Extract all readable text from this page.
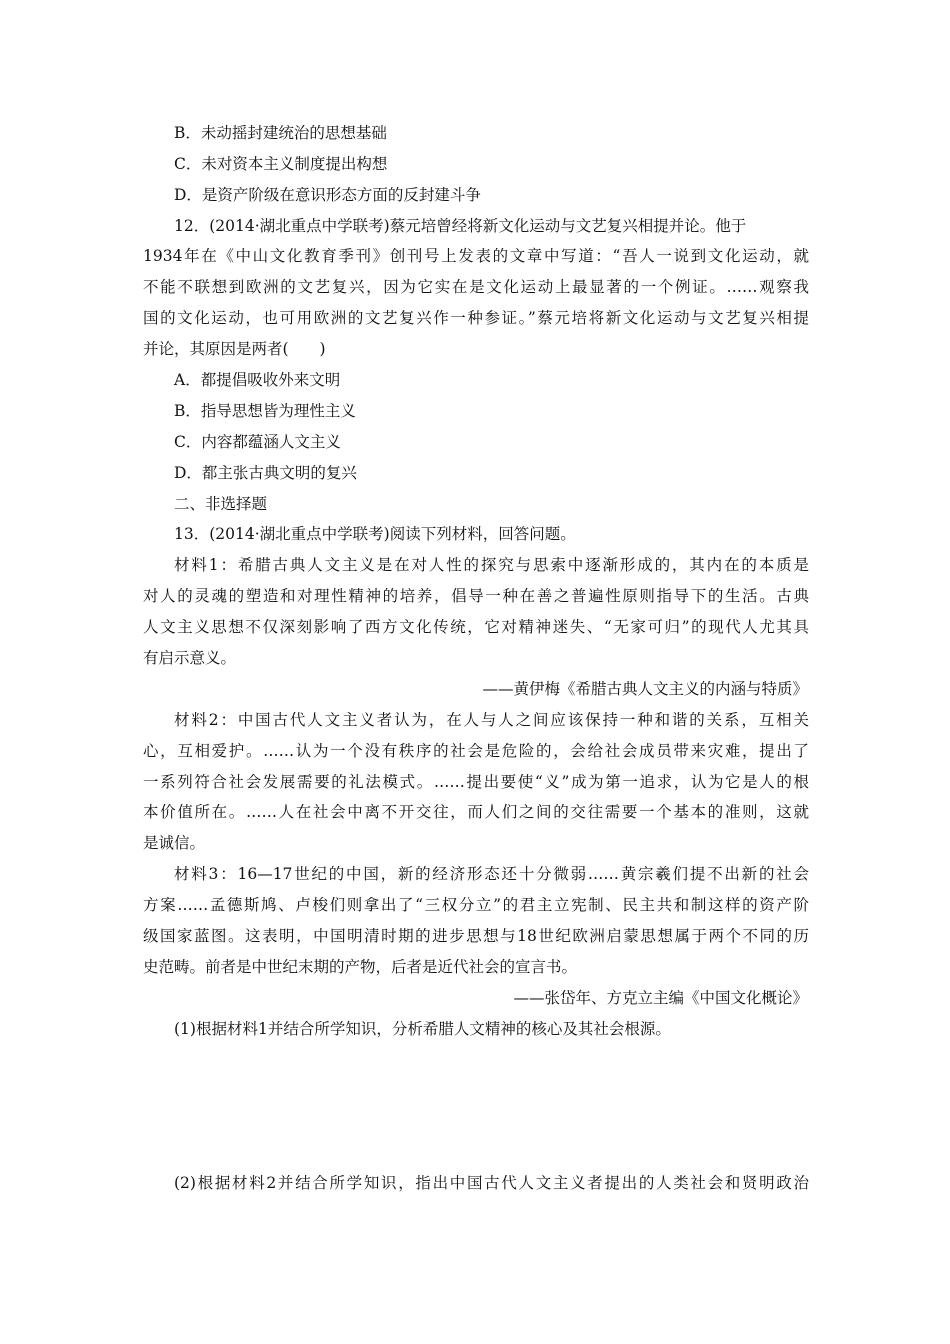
B．未动摇封建统治的思想基础
C．未对资本主义制度提出构想
D．是资产阶级在意识形态方面的反封建斗争
12．(2014·湖北重点中学联考)蔡元培曾经将新文化运动与文艺复兴相提并论。他于
1934年在《中山文化教育季刊》创刊号上发表的文章中写道：“吾人一说到文化运动，就
不能不联想到欧洲的文艺复兴，因为它实在是文化运动上最显著的一个例证。……观察我
国的文化运动，也可用欧洲的文艺复兴作一种参证。”蔡元培将新文化运动与文艺复兴相提
并论，其原因是两者(　　)
A．都提倡吸收外来文明
B．指导思想皆为理性主义
C．内容都蕴涵人文主义
D．都主张古典文明的复兴
二、非选择题
13．(2014·湖北重点中学联考)阅读下列材料，回答问题。
材料1：希腊古典人文主义是在对人性的探究与思索中逐渐形成的，其内在的本质是
对人的灵魂的塑造和对理性精神的培养，倡导一种在善之普遍性原则指导下的生活。古典
人文主义思想不仅深刻影响了西方文化传统，它对精神迷失、“无家可归”的现代人尤其具
有启示意义。
——黄伊梅《希腊古典人文主义的内涵与特质》
材料2：中国古代人文主义者认为，在人与人之间应该保持一种和谐的关系，互相关
心，互相爱护。……认为一个没有秩序的社会是危险的，会给社会成员带来灾难，提出了
一系列符合社会发展需要的礼法模式。……提出要使“义”成为第一追求，认为它是人的根
本价值所在。……人在社会中离不开交往，而人们之间的交往需要一个基本的准则，这就
是诚信。
材料3：16—17世纪的中国，新的经济形态还十分微弱……黄宗羲们提不出新的社会
方案……孟德斯鸠、卢梭们则拿出了“三权分立”的君主立宪制、民主共和制这样的资产阶
级国家蓝图。这表明，中国明清时期的进步思想与18世纪欧洲启蒙思想属于两个不同的历
史范畴。前者是中世纪末期的产物，后者是近代社会的宣言书。
——张岱年、方克立主编《中国文化概论》
(1)根据材料1并结合所学知识，分析希腊人文精神的核心及其社会根源。
(2)根据材料2并结合所学知识，指出中国古代人文主义者提出的人类社会和贤明政治
